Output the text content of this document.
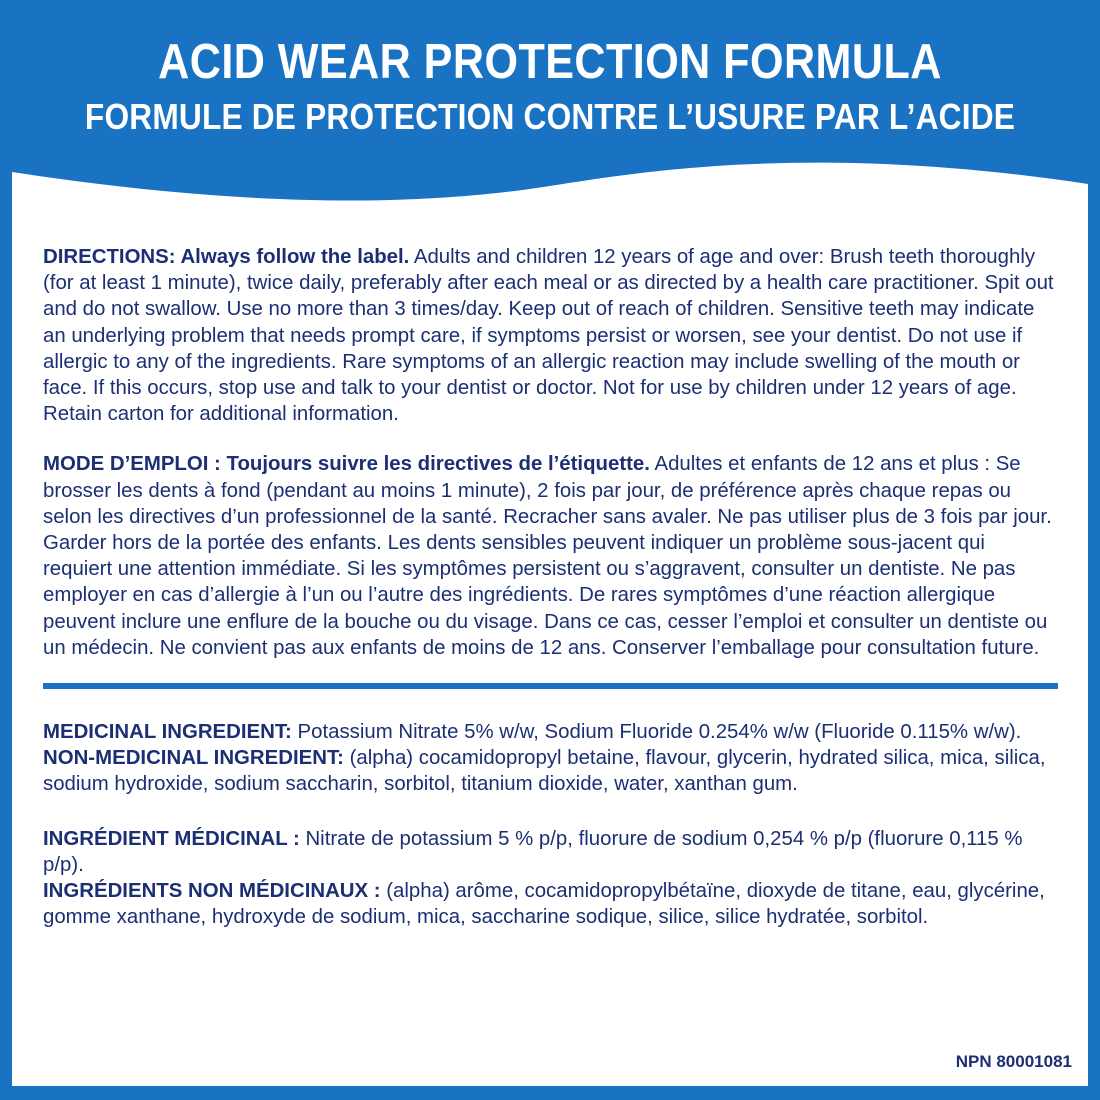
ACID WEAR PROTECTION FORMULA
FORMULE DE PROTECTION CONTRE L’USURE PAR L’ACIDE

DIRECTIONS: Always follow the label. Adults and children 12 years of age and over: Brush teeth thoroughly (for at least 1 minute), twice daily, preferably after each meal or as directed by a health care practitioner. Spit out and do not swallow. Use no more than 3 times/day. Keep out of reach of children. Sensitive teeth may indicate an underlying problem that needs prompt care, if symptoms persist or worsen, see your dentist. Do not use if allergic to any of the ingredients. Rare symptoms of an allergic reaction may include swelling of the mouth or face. If this occurs, stop use and talk to your dentist or doctor. Not for use by children under 12 years of age. Retain carton for additional information.

MODE D’EMPLOI : Toujours suivre les directives de l’étiquette. Adultes et enfants de 12 ans et plus : Se brosser les dents à fond (pendant au moins 1 minute), 2 fois par jour, de préférence après chaque repas ou selon les directives d’un professionnel de la santé. Recracher sans avaler. Ne pas utiliser plus de 3 fois par jour. Garder hors de la portée des enfants. Les dents sensibles peuvent indiquer un problème sous-jacent qui requiert une attention immédiate. Si les symptômes persistent ou s’aggravent, consulter un dentiste. Ne pas employer en cas d’allergie à l’un ou l’autre des ingrédients. De rares symptômes d’une réaction allergique peuvent inclure une enflure de la bouche ou du visage. Dans ce cas, cesser l’emploi et consulter un dentiste ou un médecin. Ne convient pas aux enfants de moins de 12 ans. Conserver l’emballage pour consultation future.

MEDICINAL INGREDIENT: Potassium Nitrate 5% w/w, Sodium Fluoride 0.254% w/w (Fluoride 0.115% w/w).

NON-MEDICINAL INGREDIENT: (alpha) cocamidopropyl betaine, flavour, glycerin, hydrated silica, mica, silica, sodium hydroxide, sodium saccharin, sorbitol, titanium dioxide, water, xanthan gum.

INGRÉDIENT MÉDICINAL : Nitrate de potassium 5 % p/p, fluorure de sodium 0,254 % p/p (fluorure 0,115 % p/p).

INGRÉDIENTS NON MÉDICINAUX : (alpha) arôme, cocamidopropylbétaïne, dioxyde de titane, eau, glycérine, gomme xanthane, hydroxyde de sodium, mica, saccharine sodique, silice, silice hydratée, sorbitol.

NPN 80001081
